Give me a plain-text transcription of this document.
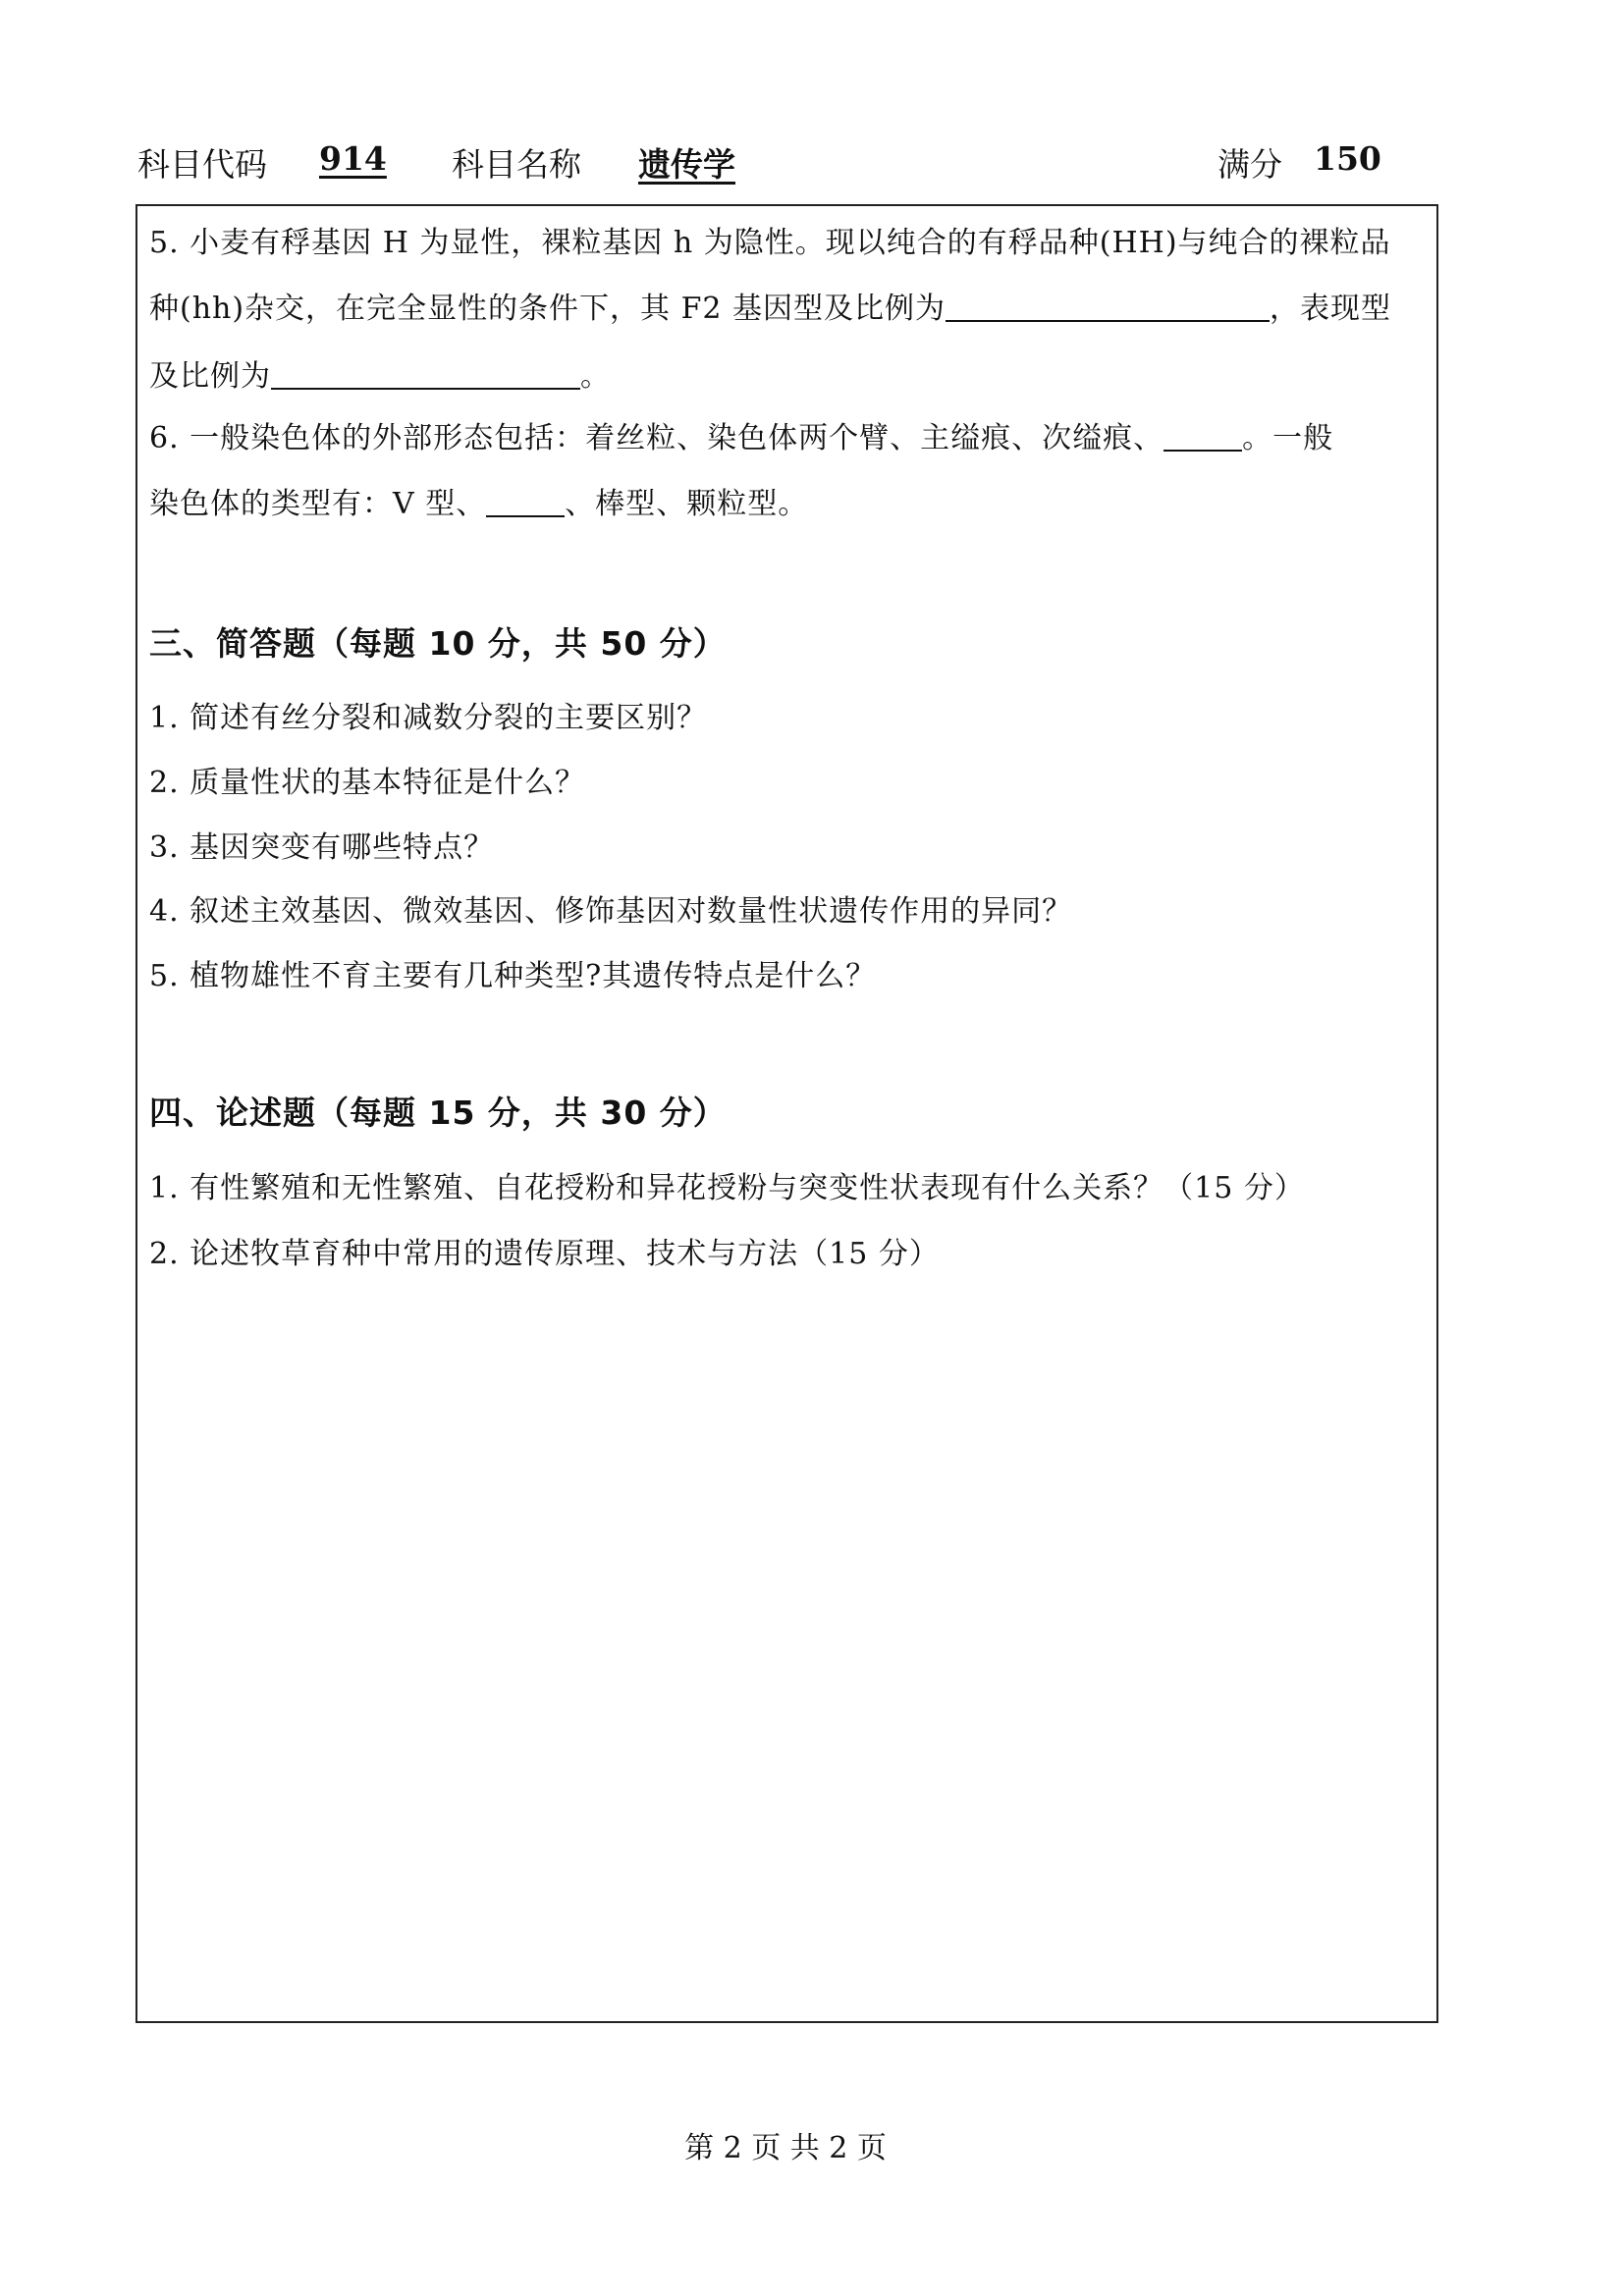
科目代码 914 科目名称 遗传学	满分 150
5. 小麦有稃基因 H 为显性，裸粒基因 h 为隐性。现以纯合的有稃品种(HH)与纯合的裸粒品
种(hh)杂交，在完全显性的条件下，其 F2 基因型及比例为	，表现型
及比例为	。
6. 一般染色体的外部形态包括：着丝粒、染色体两个臂、主缢痕、次缢痕、	。一般
染色体的类型有：V 型、	、棒型、颗粒型。
三、简答题（每题 10 分，共 50 分）
1. 简述有丝分裂和减数分裂的主要区别？
2. 质量性状的基本特征是什么？
3. 基因突变有哪些特点？
4. 叙述主效基因、微效基因、修饰基因对数量性状遗传作用的异同？
5. 植物雄性不育主要有几种类型?其遗传特点是什么？
四、论述题（每题 15 分，共 30 分）
1. 有性繁殖和无性繁殖、自花授粉和异花授粉与突变性状表现有什么关系？（15 分）
2. 论述牧草育种中常用的遗传原理、技术与方法（15 分）
第 2 页 共 2 页
